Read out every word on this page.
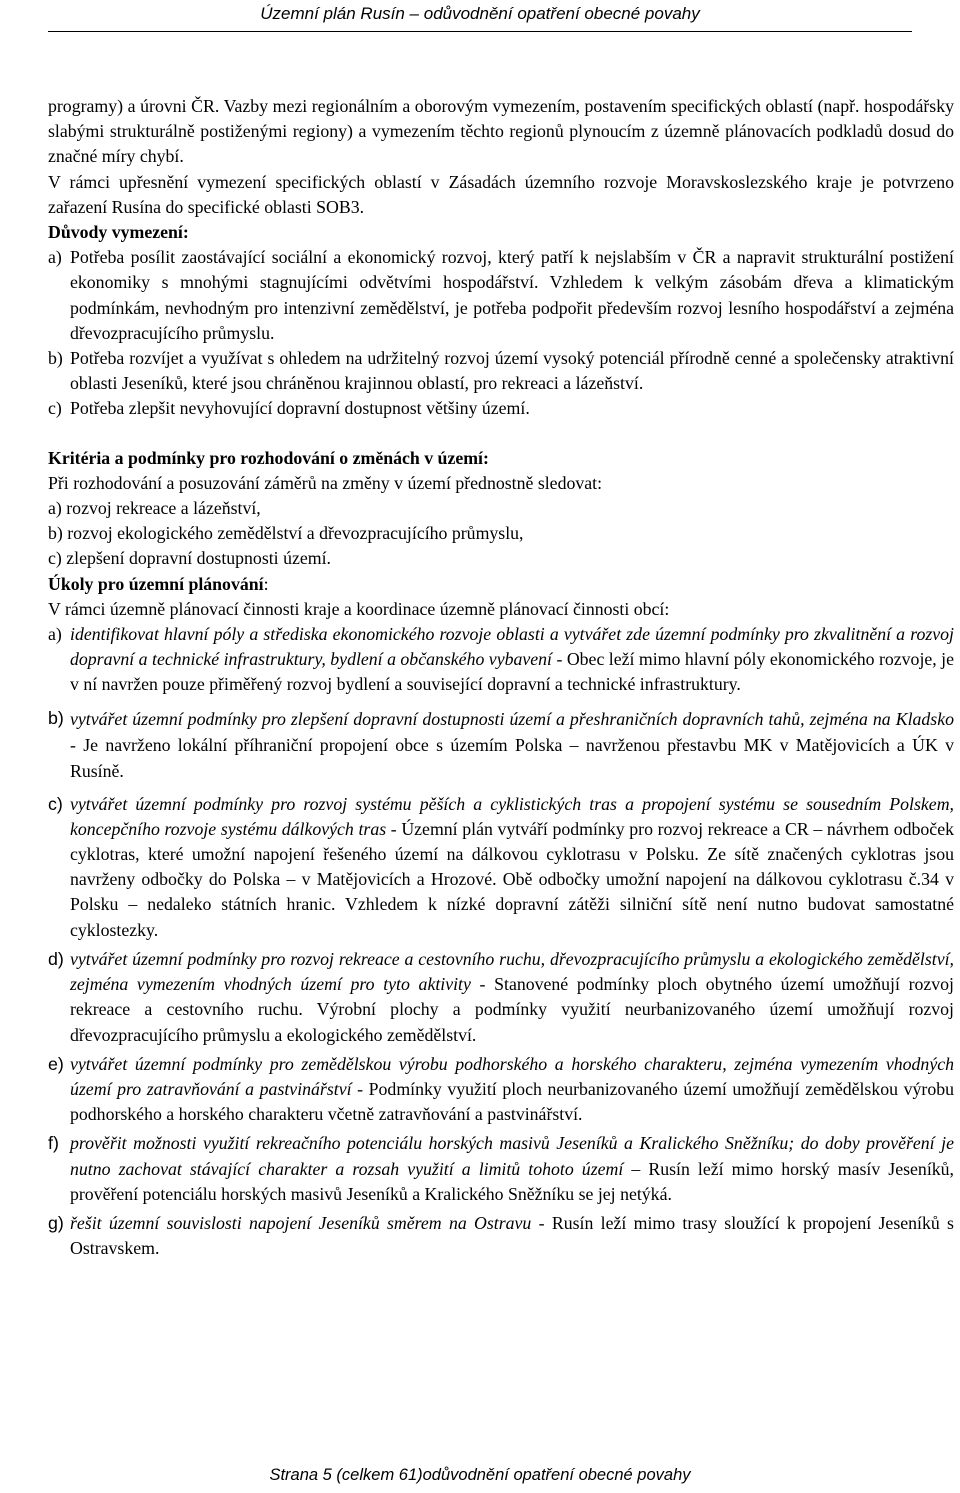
Územní plán Rusín – odůvodnění opatření obecné povahy

programy) a úrovni ČR. Vazby mezi regionálním a oborovým vymezením, postavením specifických oblastí (např. hospodářsky slabými strukturálně postiženými regiony) a vymezením těchto regionů plynoucím z územně plánovacích podkladů dosud do značné míry chybí.

V rámci upřesnění vymezení specifických oblastí v Zásadách územního rozvoje Moravskoslezského kraje je potvrzeno zařazení Rusína do specifické oblasti SOB3.

Důvody vymezení:

a) Potřeba posílit zaostávající sociální a ekonomický rozvoj, který patří k nejslabším v ČR a napravit strukturální postižení ekonomiky s mnohými stagnujícími odvětvími hospodářství. Vzhledem k velkým zásobám dřeva a klimatickým podmínkám, nevhodným pro intenzivní zemědělství, je potřeba podpořit především rozvoj lesního hospodářství a zejména dřevozpracujícího průmyslu.
b) Potřeba rozvíjet a využívat s ohledem na udržitelný rozvoj území vysoký potenciál přírodně cenné a společensky atraktivní oblasti Jeseníků, které jsou chráněnou krajinnou oblastí, pro rekreaci a lázeňství.
c) Potřeba zlepšit nevyhovující dopravní dostupnost většiny území.

Kritéria a podmínky pro rozhodování o změnách v území:

Při rozhodování a posuzování záměrů na změny v území přednostně sledovat:

a) rozvoj rekreace a lázeňství,

b) rozvoj ekologického zemědělství a dřevozpracujícího průmyslu,

c) zlepšení dopravní dostupnosti území.

Úkoly pro územní plánování:

V rámci územně plánovací činnosti kraje a koordinace územně plánovací činnosti obcí:

a) identifikovat hlavní póly a střediska ekonomického rozvoje oblasti a vytvářet zde územní podmínky pro zkvalitnění a rozvoj dopravní a technické infrastruktury, bydlení a občanského vybavení - Obec leží mimo hlavní póly ekonomického rozvoje, je v ní navržen pouze přiměřený rozvoj bydlení a související dopravní a technické infrastruktury.
b) vytvářet územní podmínky pro zlepšení dopravní dostupnosti území a přeshraničních dopravních tahů, zejména na Kladsko - Je navrženo lokální příhraniční propojení obce s územím Polska – navrženou přestavbu MK v Matějovicích a ÚK v Rusíně.
c) vytvářet územní podmínky pro rozvoj systému pěších a cyklistických tras a propojení systému se sousedním Polskem, koncepčního rozvoje systému dálkových tras - Územní plán vytváří podmínky pro rozvoj rekreace a CR – návrhem odboček cyklotras, které umožní napojení řešeného území na dálkovou cyklotrasu v Polsku. Ze sítě značených cyklotras jsou navrženy odbočky do Polska – v Matějovicích a Hrozové. Obě odbočky umožní napojení na dálkovou cyklotrasu č.34 v Polsku – nedaleko státních hranic. Vzhledem k nízké dopravní zátěži silniční sítě není nutno budovat samostatné cyklostezky.
d) vytvářet územní podmínky pro rozvoj rekreace a cestovního ruchu, dřevozpracujícího průmyslu a ekologického zemědělství, zejména vymezením vhodných území pro tyto aktivity - Stanovené podmínky ploch obytného území umožňují rozvoj rekreace a cestovního ruchu. Výrobní plochy a podmínky využití neurbanizovaného území umožňují rozvoj dřevozpracujícího průmyslu a ekologického zemědělství.
e) vytvářet územní podmínky pro zemědělskou výrobu podhorského a horského charakteru, zejména vymezením vhodných území pro zatravňování a pastvinářství - Podmínky využití ploch neurbanizovaného území umožňují zemědělskou výrobu podhorského a horského charakteru včetně zatravňování a pastvinářství.
f) prověřit možnosti využití rekreačního potenciálu horských masivů Jeseníků a Kralického Sněžníku; do doby prověření je nutno zachovat stávající charakter a rozsah využití a limitů tohoto území – Rusín leží mimo horský masív Jeseníků, prověření potenciálu horských masivů Jeseníků a Kralického Sněžníku se jej netýká.
g) řešit územní souvislosti napojení Jeseníků směrem na Ostravu - Rusín leží mimo trasy sloužící k propojení Jeseníků s Ostravskem.
Strana 5 (celkem 61)odůvodnění opatření obecné povahy
